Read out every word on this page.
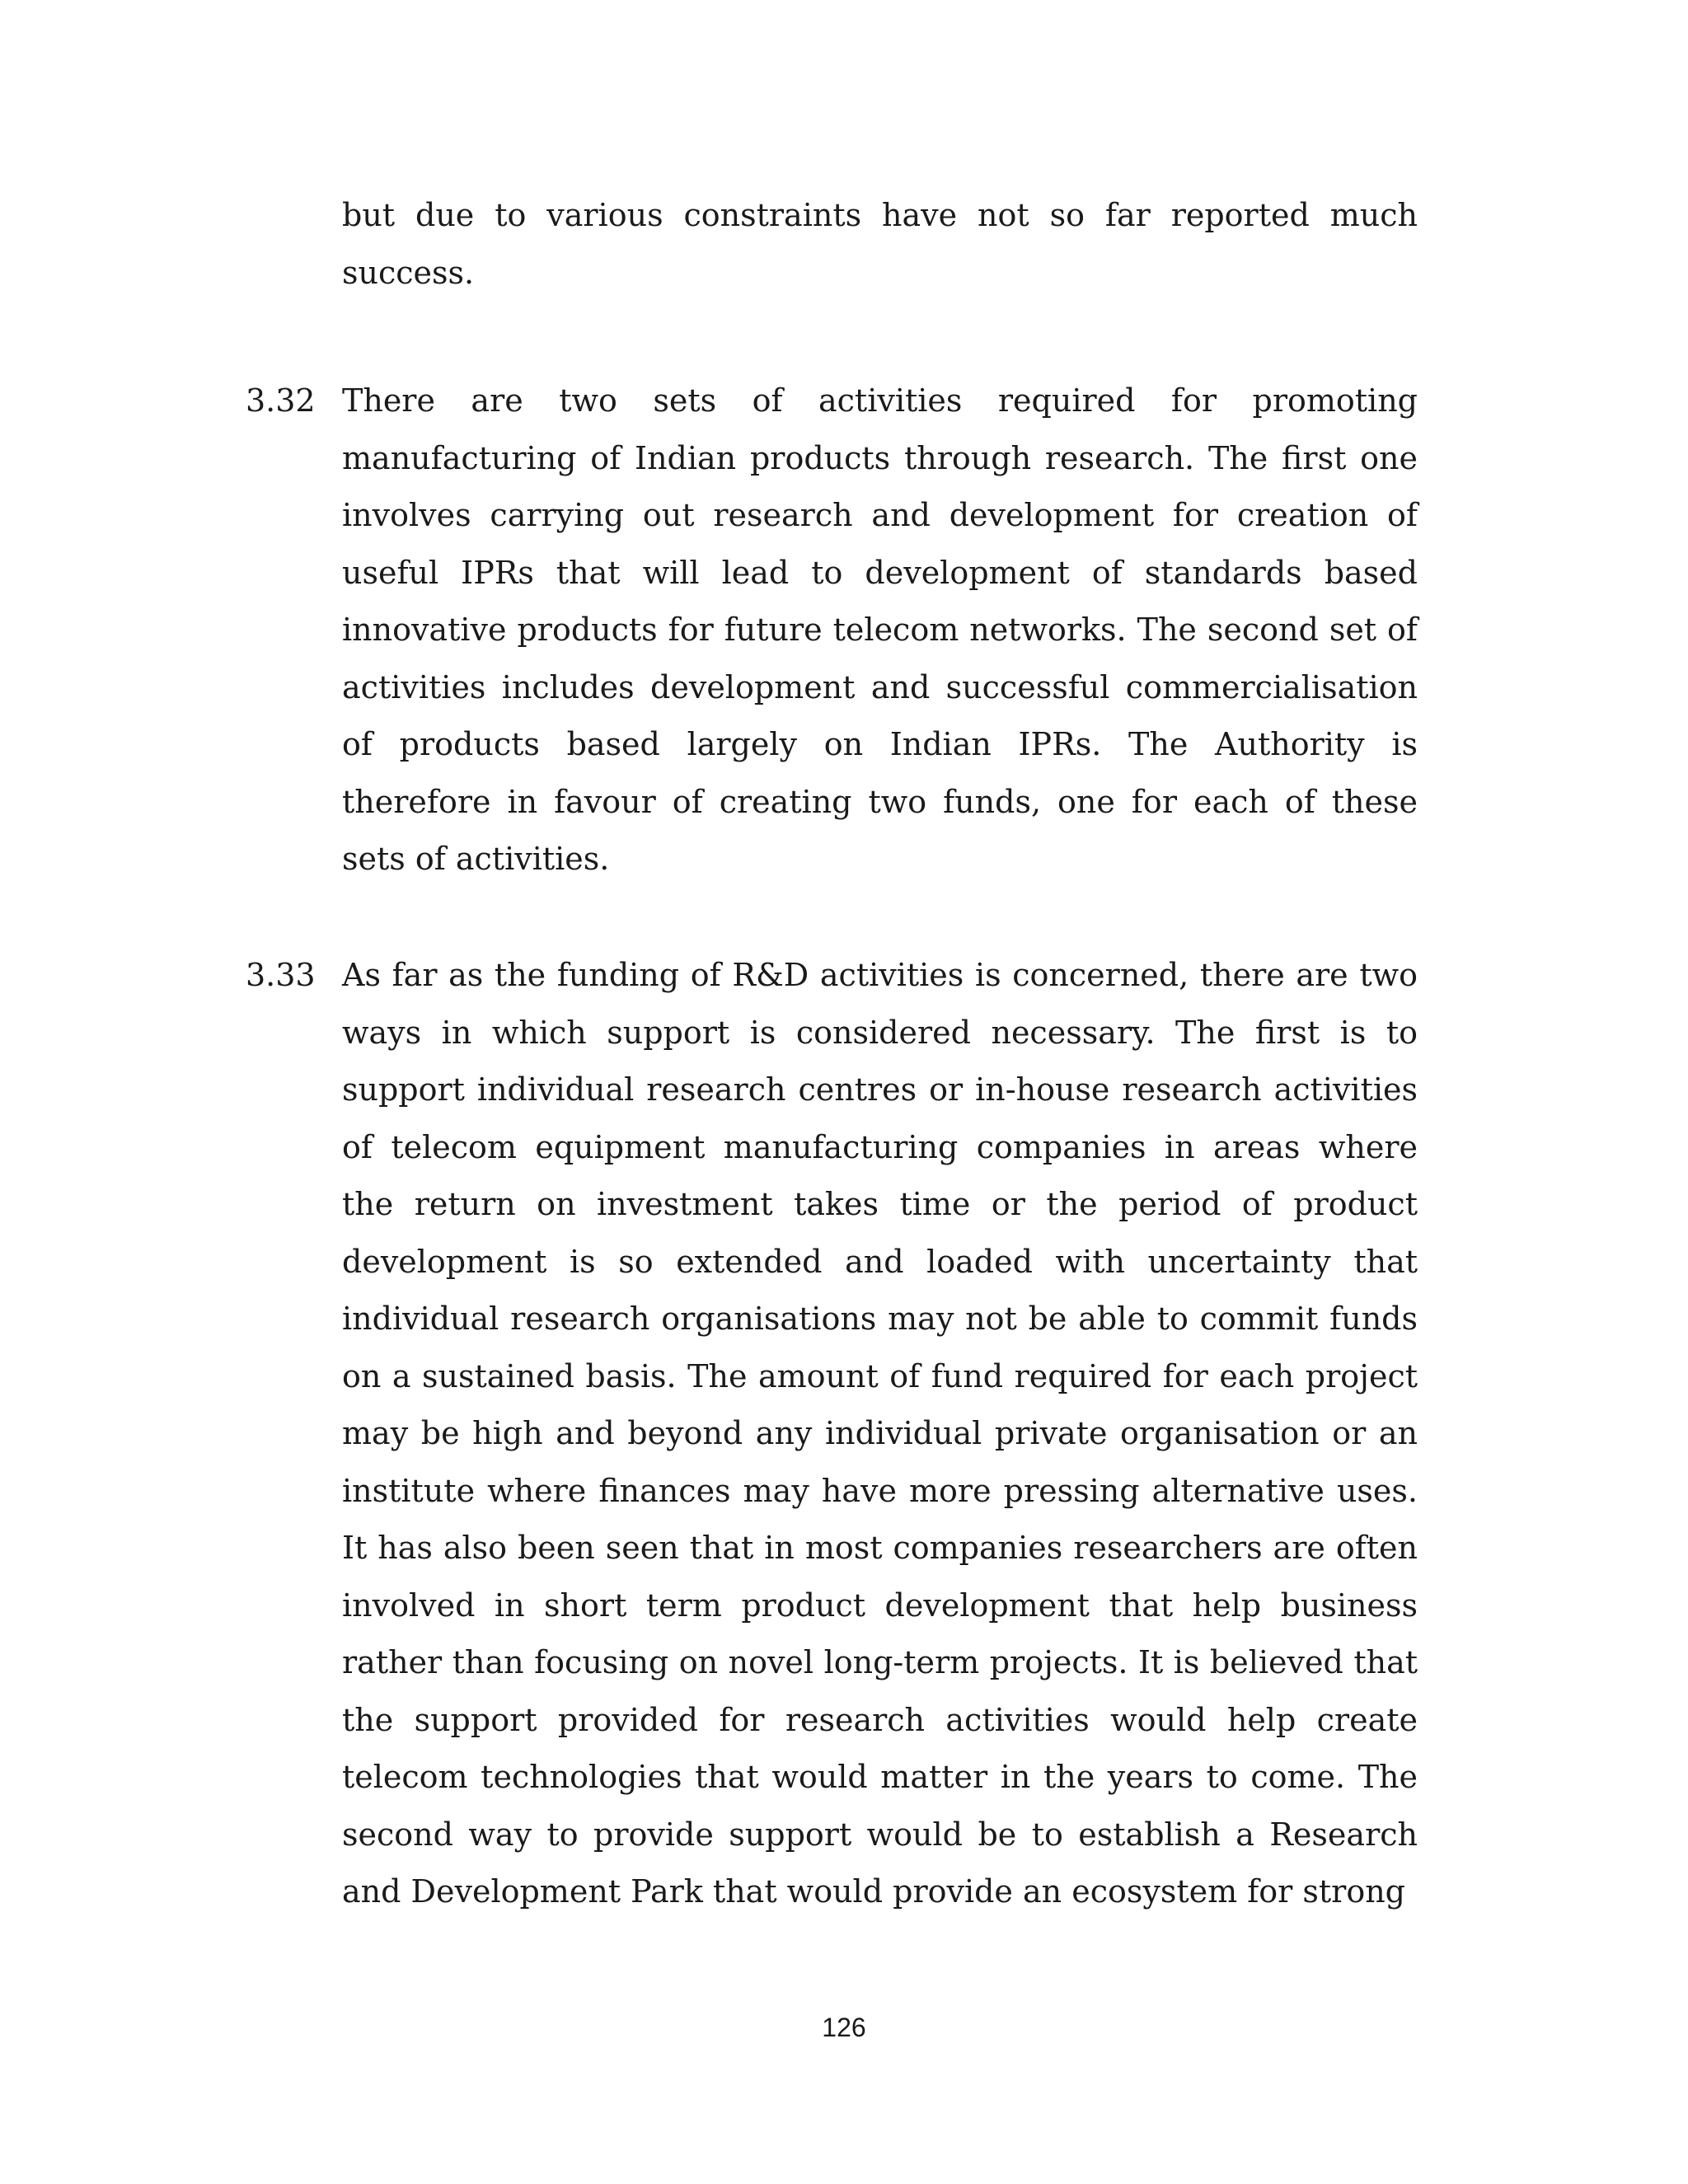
but due to various constraints have not so far reported much success.

3.32 There are two sets of activities required for promoting manufacturing of Indian products through research. The first one involves carrying out research and development for creation of useful IPRs that will lead to development of standards based innovative products for future telecom networks. The second set of activities includes development and successful commercialisation of products based largely on Indian IPRs. The Authority is therefore in favour of creating two funds, one for each of these sets of activities.

3.33 As far as the funding of R&D activities is concerned, there are two ways in which support is considered necessary. The first is to support individual research centres or in-house research activities of telecom equipment manufacturing companies in areas where the return on investment takes time or the period of product development is so extended and loaded with uncertainty that individual research organisations may not be able to commit funds on a sustained basis. The amount of fund required for each project may be high and beyond any individual private organisation or an institute where finances may have more pressing alternative uses. It has also been seen that in most companies researchers are often involved in short term product development that help business rather than focusing on novel long-term projects. It is believed that the support provided for research activities would help create telecom technologies that would matter in the years to come. The second way to provide support would be to establish a Research and Development Park that would provide an ecosystem for strong

126
